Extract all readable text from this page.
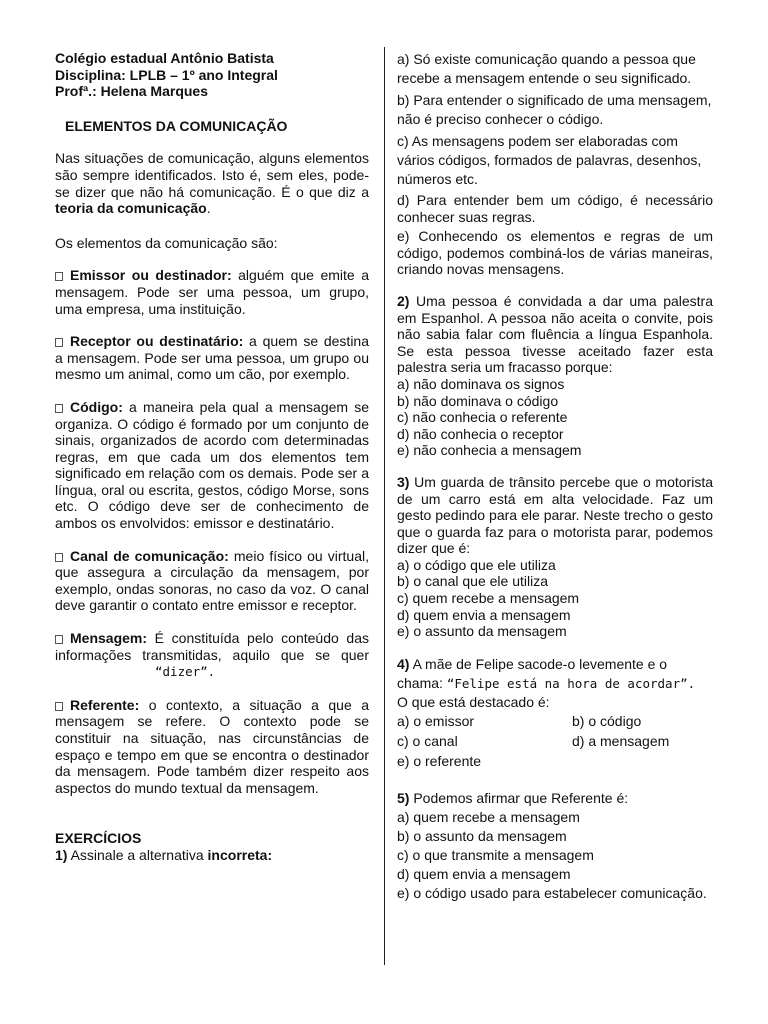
Colégio estadual Antônio Batista

Disciplina: LPLB – 1º ano Integral

Profª.: Helena Marques

ELEMENTOS DA COMUNICAÇÃO

Nas situações de comunicação, alguns elementos são sempre identificados. Isto é, sem eles, pode-se dizer que não há comunicação. É o que diz a teoria da comunicação.

Os elementos da comunicação são:

Emissor ou destinador: alguém que emite a mensagem. Pode ser uma pessoa, um grupo, uma empresa, uma instituição.

Receptor ou destinatário: a quem se destina a mensagem. Pode ser uma pessoa, um grupo ou mesmo um animal, como um cão, por exemplo.

Código: a maneira pela qual a mensagem se organiza. O código é formado por um conjunto de sinais, organizados de acordo com determinadas regras, em que cada um dos elementos tem significado em relação com os demais. Pode ser a língua, oral ou escrita, gestos, código Morse, sons etc. O código deve ser de conhecimento de ambos os envolvidos: emissor e destinatário.

Canal de comunicação: meio físico ou virtual, que assegura a circulação da mensagem, por exemplo, ondas sonoras, no caso da voz. O canal deve garantir o contato entre emissor e receptor.

Mensagem: É constituída pelo conteúdo das informações transmitidas, aquilo que se quer“dizer”.

Referente: o contexto, a situação a que a mensagem se refere. O contexto pode se constituir na situação, nas circunstâncias de espaço e tempo em que se encontra o destinador da mensagem. Pode também dizer respeito aos aspectos do mundo textual da mensagem.

EXERCÍCIOS

1) Assinale a alternativa incorreta:

a) Só existe comunicação quando a pessoa que recebe a mensagem entende o seu significado.

b) Para entender o significado de uma mensagem, não é preciso conhecer o código.

c) As mensagens podem ser elaboradas com vários códigos, formados de palavras, desenhos, números etc.

d) Para entender bem um código, é necessário conhecer suas regras.

e) Conhecendo os elementos e regras de um código, podemos combiná-los de várias maneiras, criando novas mensagens.

2) Uma pessoa é convidada a dar uma palestra em Espanhol. A pessoa não aceita o convite, pois não sabia falar com fluência a língua Espanhola. Se esta pessoa tivesse aceitado fazer esta palestra seria um fracasso porque:

a) não dominava os signos

b) não dominava o código

c) não conhecia o referente

d) não conhecia o receptor

e) não conhecia a mensagem

3) Um guarda de trânsito percebe que o motorista de um carro está em alta velocidade. Faz um gesto pedindo para ele parar. Neste trecho o gesto que o guarda faz para o motorista parar, podemos dizer que é:

a) o código que ele utiliza

b) o canal que ele utiliza

c) quem recebe a mensagem

d) quem envia a mensagem

e) o assunto da mensagem

4) A mãe de Felipe sacode-o levemente e o chama: “Felipe está na hora de acordar”.

O que está destacado é:

a) o emissor	b) o código
c) o canal	d) a mensagem
e) o referente

5) Podemos afirmar que Referente é:

a) quem recebe a mensagem

b) o assunto da mensagem

c) o que transmite a mensagem

d) quem envia a mensagem

e) o código usado para estabelecer comunicação.
